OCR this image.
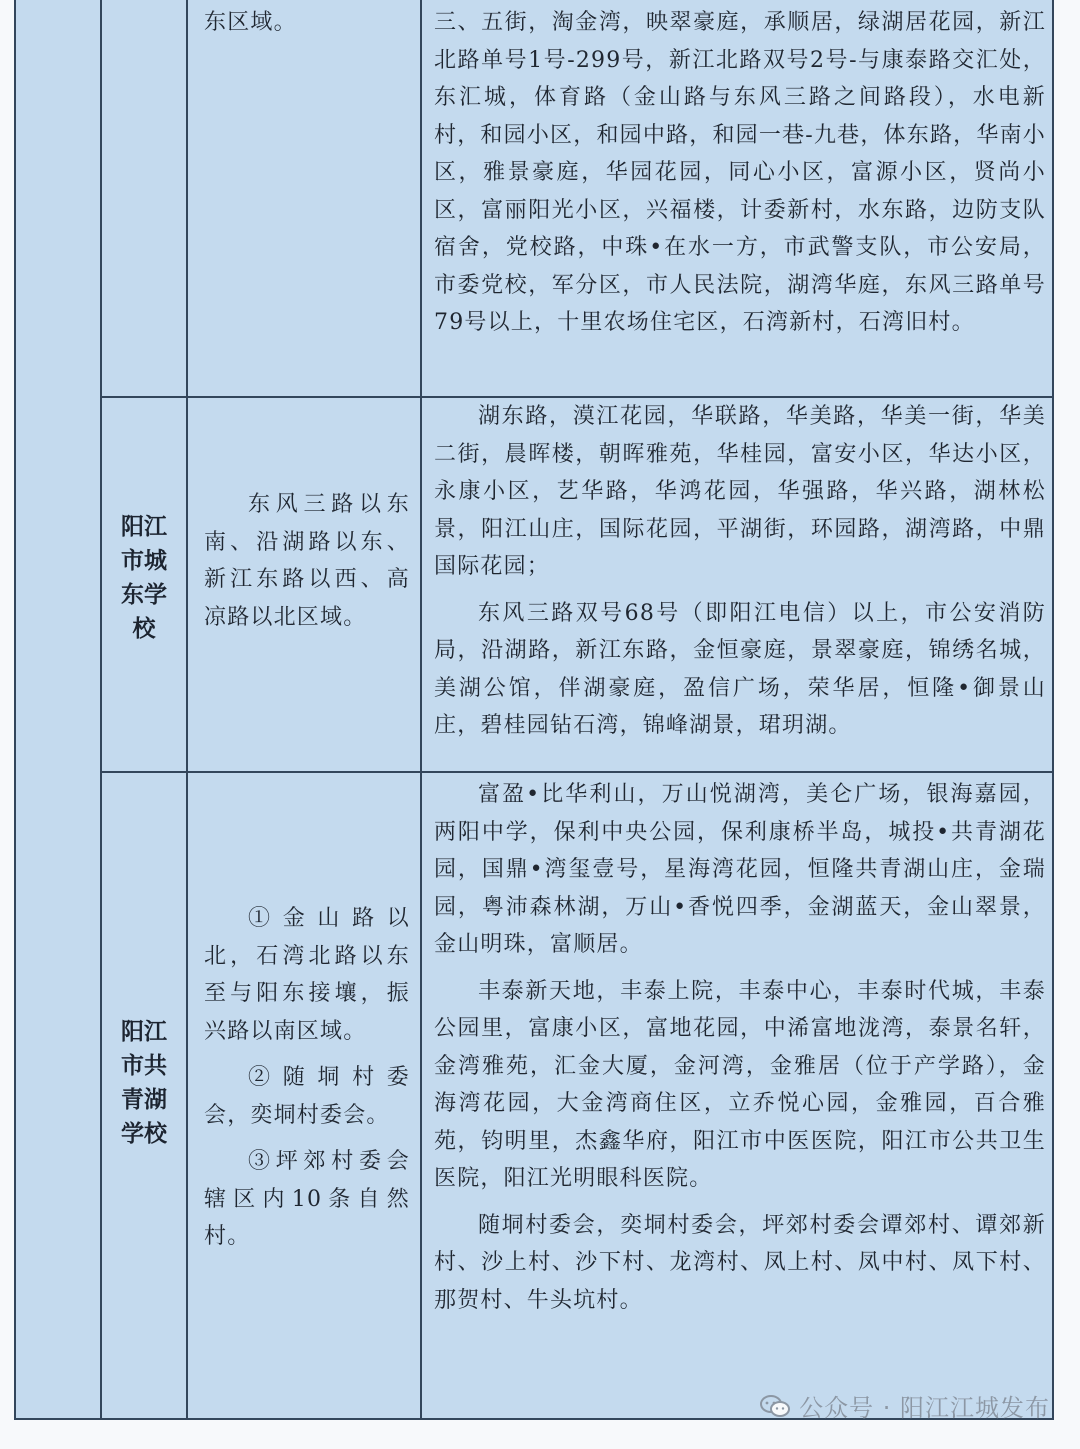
东区域。	三、五街，淘金湾，映翠豪庭，承顺居，绿湖居花园，新江北路单号1号-299号，新江北路双号2号-与康泰路交汇处，东汇城，体育路（金山路与东风三路之间路段），水电新村，和园小区，和园中路，和园一巷-九巷，体东路，华南小区，雅景豪庭，华园花园，同心小区，富源小区，贤尚小区，富丽阳光小区，兴福楼，计委新村，水东路，边防支队宿舍，党校路，中珠•在水一方，市武警支队，市公安局，市委党校，军分区，市人民法院，湖湾华庭，东风三路单号79号以上，十里农场住宅区，石湾新村，石湾旧村。

阳江
市城
东学
校

东风三路以东南、沿湖路以东、新江东路以西、高凉路以北区域。

湖东路，漠江花园，华联路，华美路，华美一街，华美二街，晨晖楼，朝晖雅苑，华桂园，富安小区，华达小区，永康小区，艺华路，华鸿花园，华强路，华兴路，湖林松景，阳江山庄，国际花园，平湖街，环园路，湖湾路，中鼎国际花园；

东风三路双号68号（即阳江电信）以上，市公安消防局，沿湖路，新江东路，金恒豪庭，景翠豪庭，锦绣名城，美湖公馆，伴湖豪庭，盈信广场，荣华居，恒隆•御景山庄，碧桂园钻石湾，锦峰湖景，珺玥湖。

阳江
市共
青湖
学校

①金山路以北，石湾北路以东至与阳东接壤，振兴路以南区域。

②随垌村委会，奕垌村委会。

③坪郊村委会辖区内10条自然村。

富盈•比华利山，万山悦湖湾，美仑广场，银海嘉园，两阳中学，保利中央公园，保利康桥半岛，城投•共青湖花园，国鼎•湾玺壹号，星海湾花园，恒隆共青湖山庄，金瑞园，粤沛森林湖，万山•香悦四季，金湖蓝天，金山翠景，金山明珠，富顺居。

丰泰新天地，丰泰上院，丰泰中心，丰泰时代城，丰泰公园里，富康小区，富地花园，中浠富地泷湾，泰景名轩，金湾雅苑，汇金大厦，金河湾，金雅居（位于产学路），金海湾花园，大金湾商住区，立乔悦心园，金雅园，百合雅苑，钧明里，杰鑫华府，阳江市中医医院，阳江市公共卫生医院，阳江光明眼科医院。

随垌村委会，奕垌村委会，坪郊村委会谭郊村、谭郊新村、沙上村、沙下村、龙湾村、凤上村、凤中村、凤下村、那贺村、牛头坑村。

公众号 · 阳江江城发布
